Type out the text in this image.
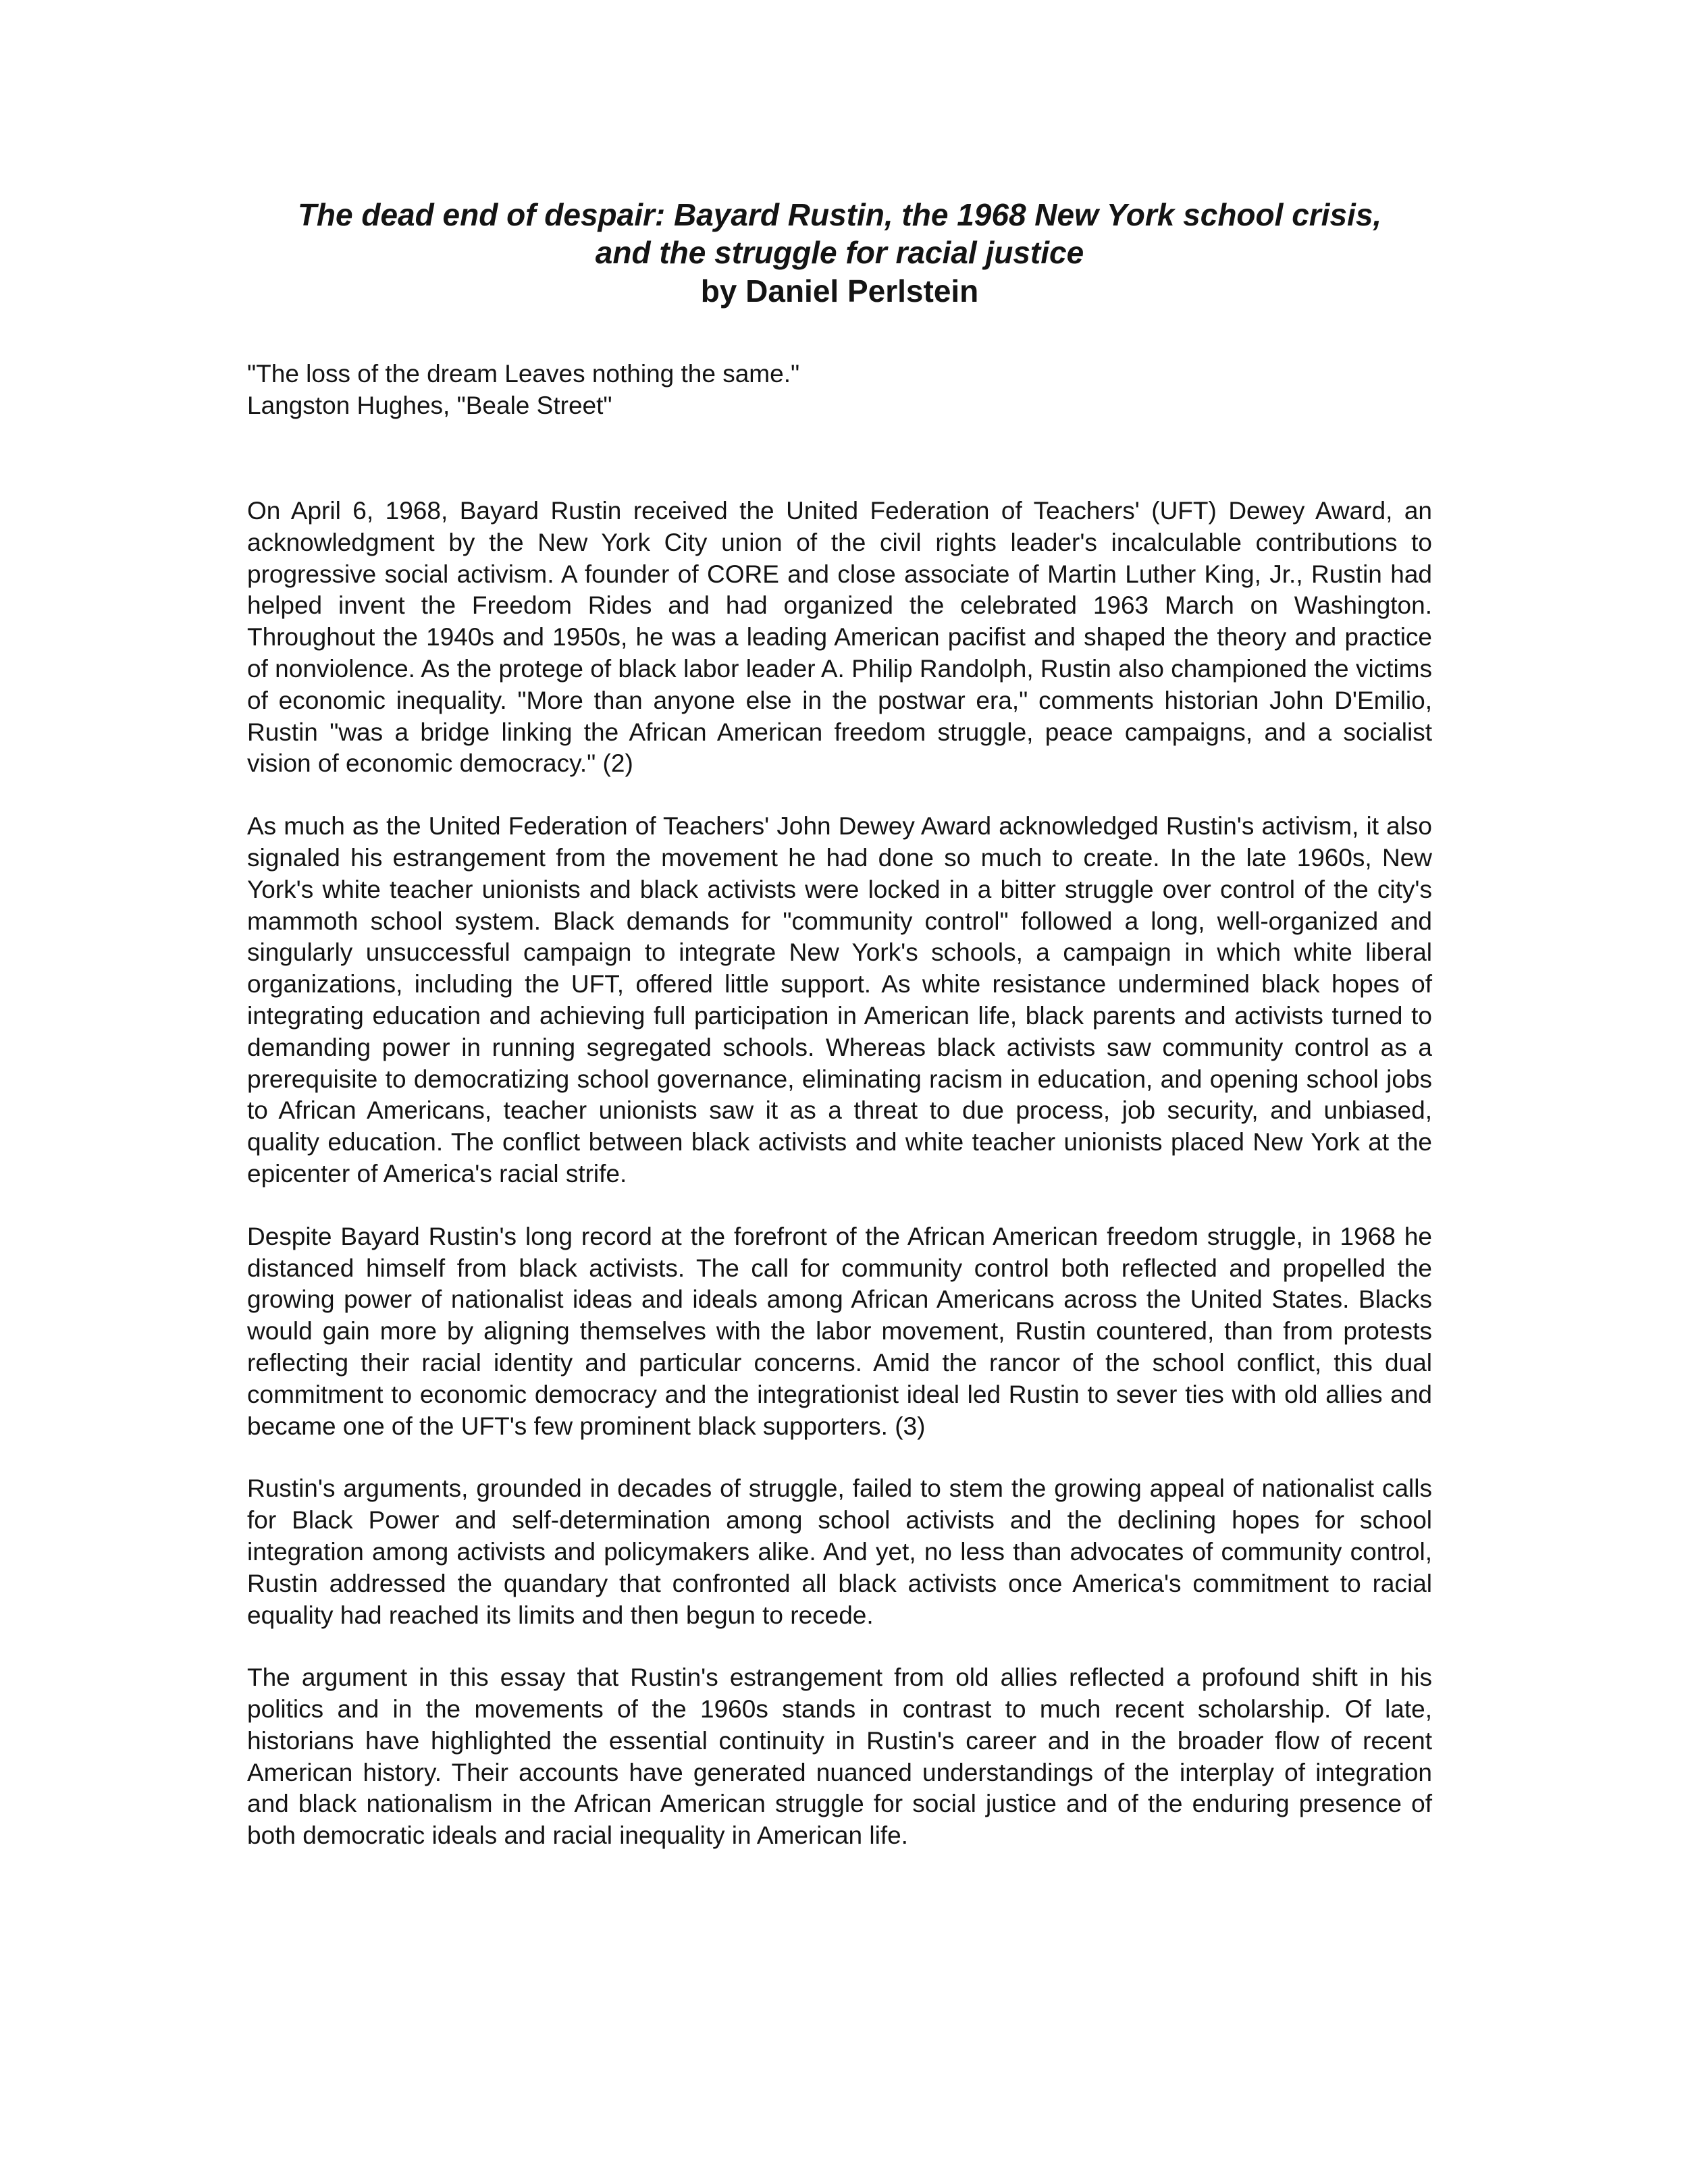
The dead end of despair: Bayard Rustin, the 1968 New York school crisis,
and the struggle for racial justice
by Daniel Perlstein
"The loss of the dream Leaves nothing the same."
Langston Hughes, "Beale Street"

On April 6, 1968, Bayard Rustin received the United Federation of Teachers' (UFT) Dewey Award, an acknowledgment by the New York City union of the civil rights leader's incalculable contributions to progressive social activism. A founder of CORE and close associate of Martin Luther King, Jr., Rustin had helped invent the Freedom Rides and had organized the celebrated 1963 March on Washington. Throughout the 1940s and 1950s, he was a leading American pacifist and shaped the theory and practice of nonviolence. As the protege of black labor leader A. Philip Randolph, Rustin also championed the victims of economic inequality. "More than anyone else in the postwar era," comments historian John D'Emilio, Rustin "was a bridge linking the African American freedom struggle, peace campaigns, and a socialist vision of economic democracy." (2)

As much as the United Federation of Teachers' John Dewey Award acknowledged Rustin's activism, it also signaled his estrangement from the movement he had done so much to create. In the late 1960s, New York's white teacher unionists and black activists were locked in a bitter struggle over control of the city's mammoth school system. Black demands for "community control" followed a long, well-organized and singularly unsuccessful campaign to integrate New York's schools, a campaign in which white liberal organizations, including the UFT, offered little support. As white resistance undermined black hopes of integrating education and achieving full participation in American life, black parents and activists turned to demanding power in running segregated schools. Whereas black activists saw community control as a prerequisite to democratizing school governance, eliminating racism in education, and opening school jobs to African Americans, teacher unionists saw it as a threat to due process, job security, and unbiased, quality education. The conflict between black activists and white teacher unionists placed New York at the epicenter of America's racial strife.

Despite Bayard Rustin's long record at the forefront of the African American freedom struggle, in 1968 he distanced himself from black activists. The call for community control both reflected and propelled the growing power of nationalist ideas and ideals among African Americans across the United States. Blacks would gain more by aligning themselves with the labor movement, Rustin countered, than from protests reflecting their racial identity and particular concerns. Amid the rancor of the school conflict, this dual commitment to economic democracy and the integrationist ideal led Rustin to sever ties with old allies and became one of the UFT's few prominent black supporters. (3)

Rustin's arguments, grounded in decades of struggle, failed to stem the growing appeal of nationalist calls for Black Power and self-determination among school activists and the declining hopes for school integration among activists and policymakers alike. And yet, no less than advocates of community control, Rustin addressed the quandary that confronted all black activists once America's commitment to racial equality had reached its limits and then begun to recede.

The argument in this essay that Rustin's estrangement from old allies reflected a profound shift in his politics and in the movements of the 1960s stands in contrast to much recent scholarship. Of late, historians have highlighted the essential continuity in Rustin's career and in the broader flow of recent American history. Their accounts have generated nuanced understandings of the interplay of integration and black nationalism in the African American struggle for social justice and of the enduring presence of both democratic ideals and racial inequality in American life.
